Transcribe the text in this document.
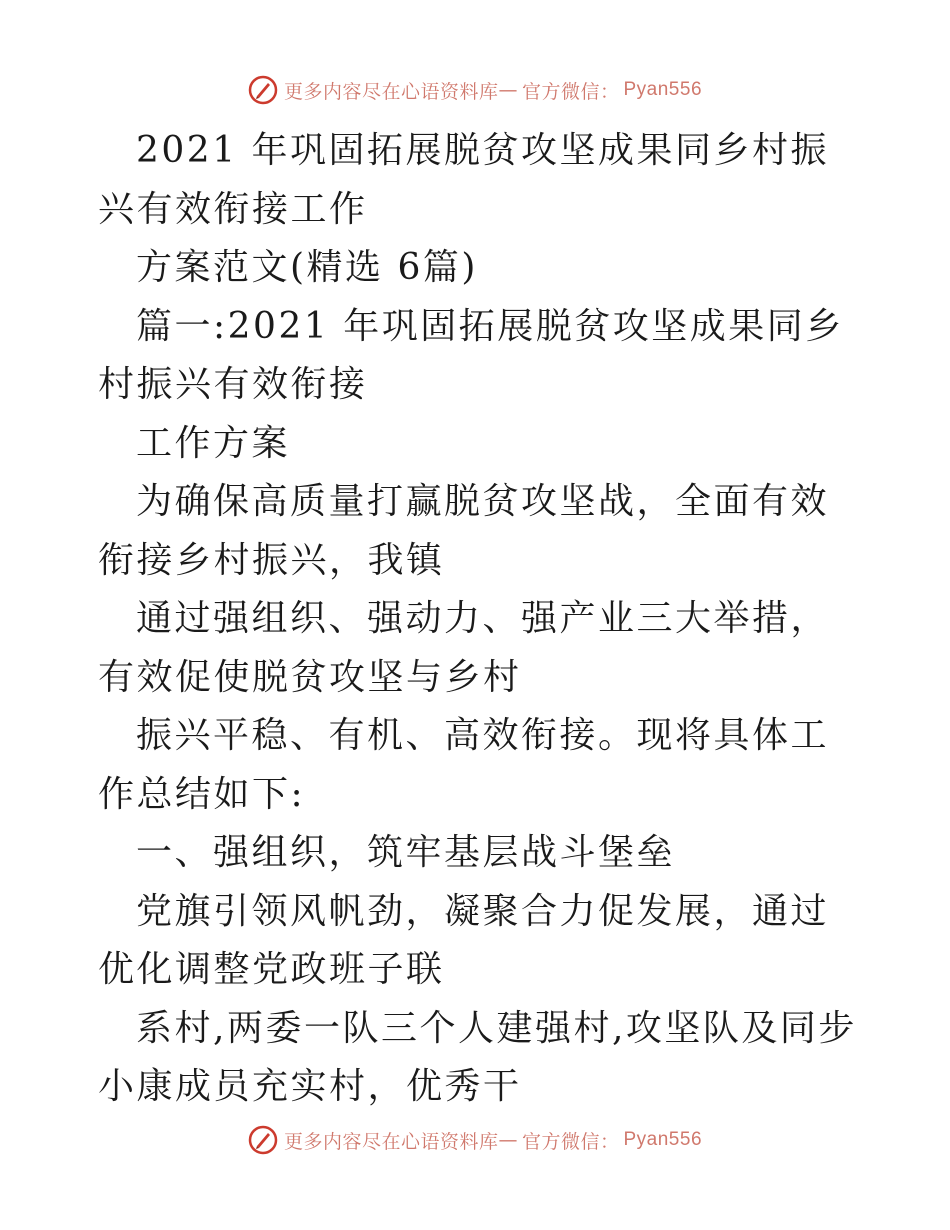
更多内容尽在心语资料库 — 官方微信： Pyan556

2021 年巩固拓展脱贫攻坚成果同乡村振兴有效衔接工作

方案范文(精选 6篇)

篇一:2021 年巩固拓展脱贫攻坚成果同乡村振兴有效衔接

工作方案

为确保高质量打赢脱贫攻坚战，全面有效衔接乡村振兴，我镇

通过强组织、强动力、强产业三大举措，有效促使脱贫攻坚与乡村

振兴平稳、有机、高效衔接。现将具体工作总结如下:

一、强组织，筑牢基层战斗堡垒

党旗引领风帆劲，凝聚合力促发展，通过优化调整党政班子联

系村,两委一队三个人建强村,攻坚队及同步小康成员充实村，优秀干

更多内容尽在心语资料库 — 官方微信： Pyan556
